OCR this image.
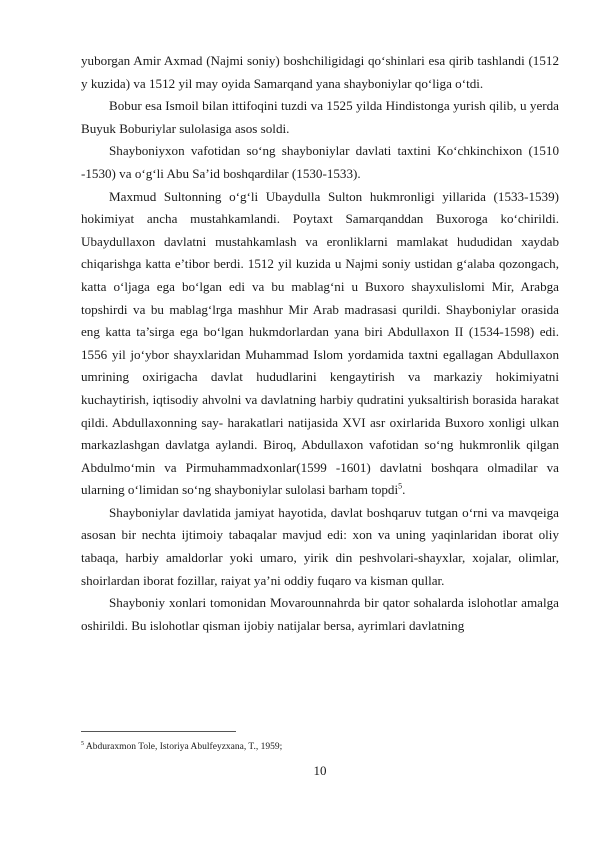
yuborgan Amir Axmad (Najmi soniy) boshchiligidagi qo‘shinlari esa qirib tashlandi (1512 y kuzida) va 1512 yil may oyida Samarqand yana shayboniylar qo‘liga o‘tdi.

Bobur esa Ismoil bilan ittifoqini tuzdi va 1525 yilda Hindistonga yurish qilib, u yerda Buyuk Boburiylar sulolasiga asos soldi.

Shayboniyxon vafotidan so‘ng shayboniylar davlati taxtini Ko‘chkinchixon (1510 -1530) va o‘g‘li Abu Sa’id boshqardilar (1530-1533).

Maxmud Sultonning o‘g‘li Ubaydulla Sulton hukmronligi yillarida (1533-1539) hokimiyat ancha mustahkamlandi. Poytaxt Samarqanddan Buxoroga ko‘chirildi. Ubaydullaxon davlatni mustahkamlash va eronliklarni mamlakat hududidan xaydab chiqarishga katta e’tibor berdi. 1512 yil kuzida u Najmi soniy ustidan g‘alaba qozongach, katta o‘ljaga ega bo‘lgan edi va bu mablag‘ni u Buxoro shayxulislomi Mir, Arabga topshirdi va bu mablag‘lrga mashhur Mir Arab madrasasi qurildi. Shayboniylar orasida eng katta ta’sirga ega bo‘lgan hukmdorlardan yana biri Abdullaxon II (1534-1598) edi. 1556 yil jo‘ybor shayxlaridan Muhammad Islom yordamida taxtni egallagan Abdullaxon umrining oxirigacha davlat hududlarini kengaytirish va markaziy hokimiyatni kuchaytirish, iqtisodiy ahvolni va davlatning harbiy qudratini yuksaltirish borasida harakat qildi. Abdullaxonning say- harakatlari natijasida XVI asr oxirlarida Buxoro xonligi ulkan markazlashgan davlatga aylandi. Biroq, Abdullaxon vafotidan so‘ng hukmronlik qilgan Abdulmo‘min va Pirmuhammadxonlar(1599 -1601) davlatni boshqara olmadilar va ularning o‘limidan so‘ng shayboniylar sulolasi barham topdi$^5$.

Shayboniylar davlatida jamiyat hayotida, davlat boshqaruv tutgan o‘rni va mavqeiga asosan bir nechta ijtimoiy tabaqalar mavjud edi: xon va uning yaqinlaridan iborat oliy tabaqa, harbiy amaldorlar yoki umaro, yirik din peshvolari-shayxlar, xojalar, olimlar, shoirlardan iborat fozillar, raiyat ya’ni oddiy fuqaro va kisman qullar.

Shayboniy xonlari tomonidan Movarounnahrda bir qator sohalarda islohotlar amalga oshirildi. Bu islohotlar qisman ijobiy natijalar bersa, ayrimlari davlatning

$^5$ Abduraxmon Tole, Istoriya Abulfeyzxana, T., 1959;
10
